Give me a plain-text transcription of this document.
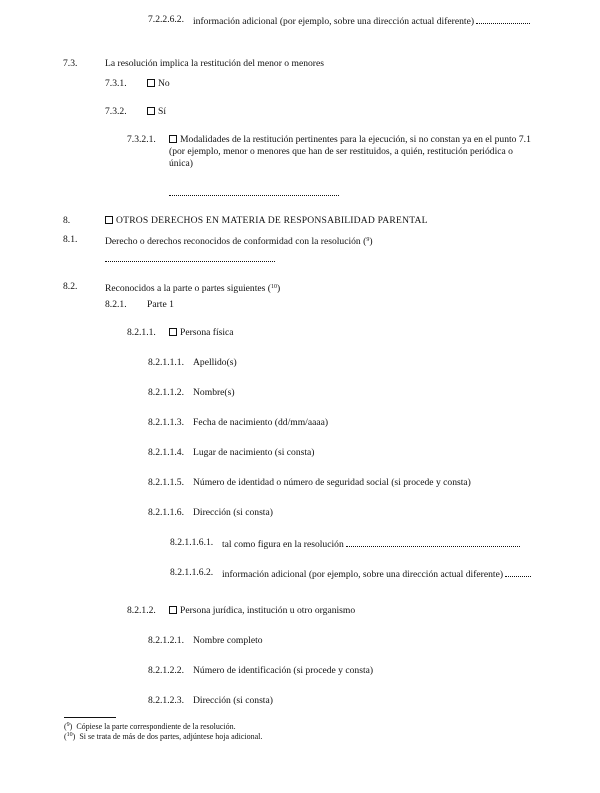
7.2.2.6.2. información adicional (por ejemplo, sobre una dirección actual diferente)
7.3.	La resolución implica la restitución del menor o menores
7.3.1.	No
7.3.2.	Sí
7.3.2.1.	Modalidades de la restitución pertinentes para la ejecución, si no constan ya en el punto 7.1
(por ejemplo, menor o menores que han de ser restituidos, a quién, restitución periódica o
única)
8.	OTROS DERECHOS EN MATERIA DE RESPONSABILIDAD PARENTAL
8.1.	Derecho o derechos reconocidos de conformidad con la resolución ($^9$)
8.2.	Reconocidos a la parte o partes siguientes ($^{10}$)
8.2.1. Parte 1
8.2.1.1.	Persona física
8.2.1.1.1. Apellido(s)
8.2.1.1.2. Nombre(s)
8.2.1.1.3. Fecha de nacimiento (dd/mm/aaaa)
8.2.1.1.4. Lugar de nacimiento (si consta)
8.2.1.1.5. Número de identidad o número de seguridad social (si procede y consta)
8.2.1.1.6. Dirección (si consta)
8.2.1.1.6.1. tal como figura en la resolución
8.2.1.1.6.2. información adicional (por ejemplo, sobre una dirección actual diferente)
8.2.1.2.	Persona jurídica, institución u otro organismo
8.2.1.2.1. Nombre completo
8.2.1.2.2. Número de identificación (si procede y consta)
8.2.1.2.3. Dirección (si consta)
($^9$)  Cópiese la parte correspondiente de la resolución.
($^{10}$)  Si se trata de más de dos partes, adjúntese hoja adicional.
